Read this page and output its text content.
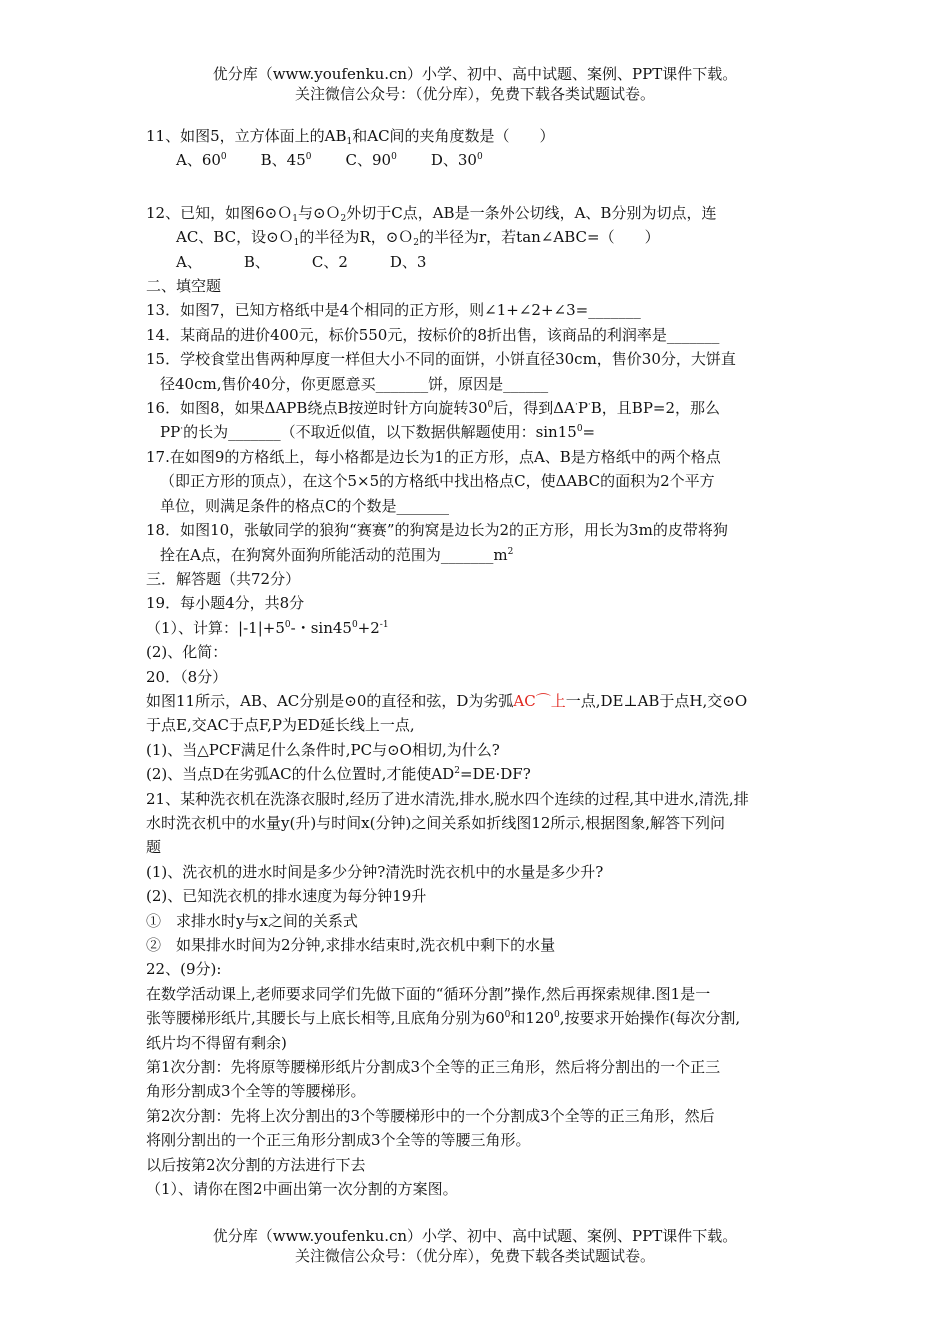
优分库（www.youfenku.cn）小学、初中、高中试题、案例、PPT课件下载。
关注微信公众号：（优分库），免费下载各类试题试卷。
11、如图5，立方体面上的$AB_1$和AC间的夹角度数是（　　）
A、$60^0$ B、$45^0$ C、$90^0$ D、$30^0$
12、已知，如图6⊙Ｏ$_1$与⊙Ｏ$_2$外切于C点，AB是一条外公切线，A、B分别为切点，连
AC、BC，设⊙Ｏ$_1$的半径为R，⊙Ｏ$_2$的半径为r，若tan∠ABC=（　　）
A、	B、	C、2	D、3
二、填空题
13．如图7，已知方格纸中是4个相同的正方形，则∠1+∠2+∠3=_______
14．某商品的进价400元，标价550元，按标价的8折出售，该商品的利润率是_______
15．学校食堂出售两种厚度一样但大小不同的面饼，小饼直径30cm，售价30分，大饼直
径40cm,售价40分，你更愿意买_______饼，原因是______
16．如图8，如果ΔAPB绕点B按逆时针方向旋转$30^0$后，得到ΔA·P·B，且BP=2，那么
PP·的长为_______（不取近似值，以下数据供解题使用：$\sin 15^0=$
17.在如图9的方格纸上，每小格都是边长为1的正方形，点A、B是方格纸中的两个格点
（即正方形的顶点），在这个5×5的方格纸中找出格点C，使ΔABC的面积为2个平方
单位，则满足条件的格点C的个数是_______
18．如图10，张敏同学的狼狗“赛赛”的狗窝是边长为2的正方形，用长为3m的皮带将狗
拴在A点，在狗窝外面狗所能活动的范围为$\_\_\_\_\_\_\_m^2$
三．解答题（共72分）
19．每小题4分，共8分
（1）、计算：$|-1|+5^0-$・$\sin 45^0+2^{-1}$
(2)、化简：
20．（8分）
如图11所示，AB、AC分别是⊙0的直径和弦，D为劣弧AC⌒上一点,DE⊥AB于点H,交⊙O
于点E,交AC于点F,P为ED延长线上一点,
(1)、当△PCF满足什么条件时,PC与⊙O相切,为什么?
(2)、当点D在劣弧AC的什么位置时,才能使$AD^2=DE\cdot DF$?
21、某种洗衣机在洗涤衣服时,经历了进水清洗,排水,脱水四个连续的过程,其中进水,清洗,排
水时洗衣机中的水量y(升)与时间x(分钟)之间关系如折线图12所示,根据图象,解答下列问
题
(1)、洗衣机的进水时间是多少分钟?清洗时洗衣机中的水量是多少升?
(2)、已知洗衣机的排水速度为每分钟19升
①　求排水时y与x之间的关系式
②　如果排水时间为2分钟,求排水结束时,洗衣机中剩下的水量
22、(9分):
在数学活动课上,老师要求同学们先做下面的“循环分割”操作,然后再探索规律.图1是一
张等腰梯形纸片,其腰长与上底长相等,且底角分别为$60^0$和$120^0$,按要求开始操作(每次分割,
纸片均不得留有剩余)
第1次分割：先将原等腰梯形纸片分割成3个全等的正三角形，然后将分割出的一个正三
角形分割成3个全等的等腰梯形。
第2次分割：先将上次分割出的3个等腰梯形中的一个分割成3个全等的正三角形，然后
将刚分割出的一个正三角形分割成3个全等的等腰三角形。
以后按第2次分割的方法进行下去
（1）、请你在图2中画出第一次分割的方案图。
优分库（www.youfenku.cn）小学、初中、高中试题、案例、PPT课件下载。
关注微信公众号：（优分库），免费下载各类试题试卷。
